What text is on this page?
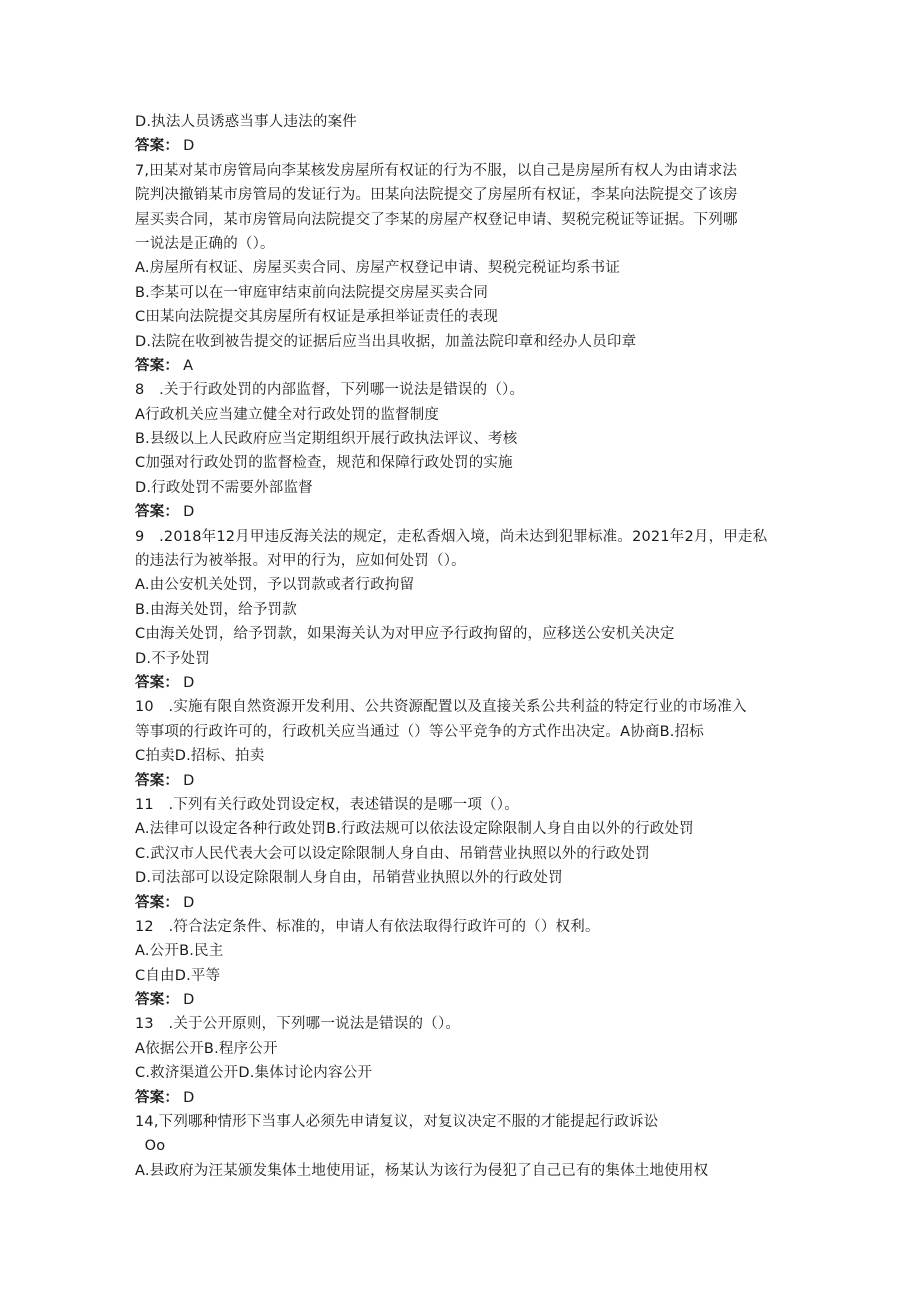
D.执法人员诱惑当事人违法的案件
答案： D
7,田某对某市房管局向李某核发房屋所有权证的行为不服，以自己是房屋所有权人为由请求法
院判决撤销某市房管局的发证行为。田某向法院提交了房屋所有权证，李某向法院提交了该房
屋买卖合同，某市房管局向法院提交了李某的房屋产权登记申请、契税完税证等证据。下列哪
一说法是正确的（）。
A.房屋所有权证、房屋买卖合同、房屋产权登记申请、契税完税证均系书证
B.李某可以在一审庭审结束前向法院提交房屋买卖合同
C田某向法院提交其房屋所有权证是承担举证责任的表现
D.法院在收到被告提交的证据后应当出具收据，加盖法院印章和经办人员印章
答案： A
8　.关于行政处罚的内部监督，下列哪一说法是错误的（）。
A行政机关应当建立健全对行政处罚的监督制度
B.县级以上人民政府应当定期组织开展行政执法评议、考核
C加强对行政处罚的监督检查，规范和保障行政处罚的实施
D.行政处罚不需要外部监督
答案： D
9　.2018年12月甲违反海关法的规定，走私香烟入境，尚未达到犯罪标准。2021年2月，甲走私
的违法行为被举报。对甲的行为，应如何处罚（）。
A.由公安机关处罚，予以罚款或者行政拘留
B.由海关处罚，给予罚款
C由海关处罚，给予罚款，如果海关认为对甲应予行政拘留的，应移送公安机关决定
D.不予处罚
答案： D
10　.实施有限自然资源开发利用、公共资源配置以及直接关系公共利益的特定行业的市场准入
等事项的行政许可的，行政机关应当通过（）等公平竞争的方式作出决定。A协商B.招标
C拍卖D.招标、拍卖
答案： D
11　.下列有关行政处罚设定权，表述错误的是哪一项（）。
A.法律可以设定各种行政处罚B.行政法规可以依法设定除限制人身自由以外的行政处罚
C.武汉市人民代表大会可以设定除限制人身自由、吊销营业执照以外的行政处罚
D.司法部可以设定除限制人身自由，吊销营业执照以外的行政处罚
答案： D
12　.符合法定条件、标准的，申请人有依法取得行政许可的（）权利。
A.公开B.民主
C自由D.平等
答案： D
13　.关于公开原则，下列哪一说法是错误的（）。
A依据公开B.程序公开
C.救济渠道公开D.集体讨论内容公开
答案： D
14,下列哪种情形下当事人必须先申请复议，对复议决定不服的才能提起行政诉讼
Oo
A.县政府为汪某颁发集体土地使用证，杨某认为该行为侵犯了自己已有的集体土地使用权
